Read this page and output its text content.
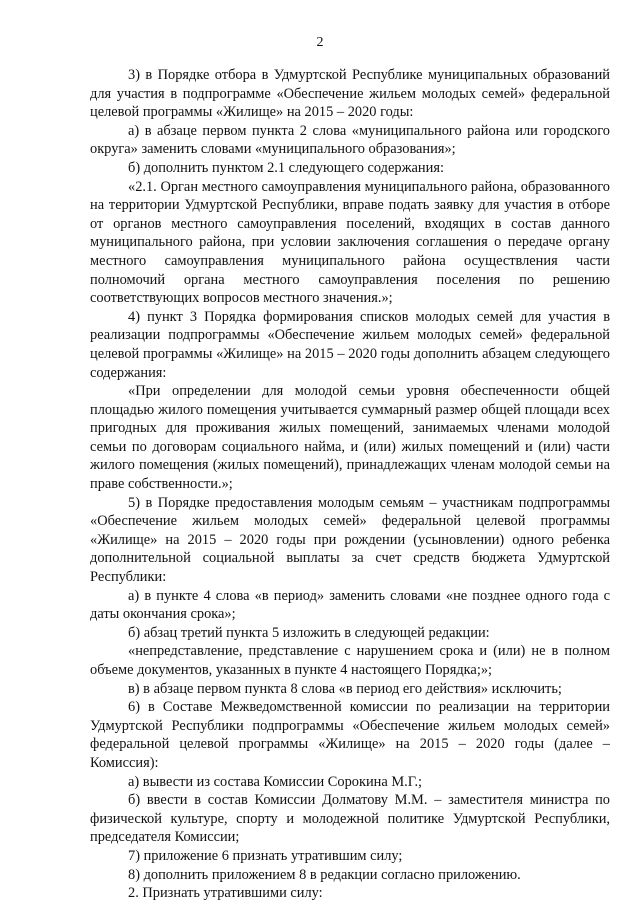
2

3) в Порядке отбора в Удмуртской Республике муниципальных образований для участия в подпрограмме «Обеспечение жильем молодых семей» федеральной целевой программы «Жилище» на 2015 – 2020 годы:

а) в абзаце первом пункта 2 слова «муниципального района или городского округа» заменить словами «муниципального образования»;

б) дополнить пунктом 2.1 следующего содержания:

«2.1. Орган местного самоуправления муниципального района, образованного на территории Удмуртской Республики, вправе подать заявку для участия в отборе от органов местного самоуправления поселений, входящих в состав данного муниципального района, при условии заключения соглашения о передаче органу местного самоуправления муниципального района осуществления части полномочий органа местного самоуправления поселения по решению соответствующих вопросов местного значения.»;

4) пункт 3 Порядка формирования списков молодых семей для участия в реализации подпрограммы «Обеспечение жильем молодых семей» федеральной целевой программы «Жилище» на 2015 – 2020 годы дополнить абзацем следующего содержания:

«При определении для молодой семьи уровня обеспеченности общей площадью жилого помещения учитывается суммарный размер общей площади всех пригодных для проживания жилых помещений, занимаемых членами молодой семьи по договорам социального найма, и (или) жилых помещений и (или) части жилого помещения (жилых помещений), принадлежащих членам молодой семьи на праве собственности.»;

5) в Порядке предоставления молодым семьям – участникам подпрограммы «Обеспечение жильем молодых семей» федеральной целевой программы «Жилище» на 2015 – 2020 годы при рождении (усыновлении) одного ребенка дополнительной социальной выплаты за счет средств бюджета Удмуртской Республики:

а) в пункте 4 слова «в период» заменить словами «не позднее одного года с даты окончания срока»;

б) абзац третий пункта 5 изложить в следующей редакции:

«непредставление, представление с нарушением срока и (или) не в полном объеме документов, указанных в пункте 4 настоящего Порядка;»;

в) в абзаце первом пункта 8 слова «в период его действия» исключить;

6) в Составе Межведомственной комиссии по реализации на территории Удмуртской Республики подпрограммы «Обеспечение жильем молодых семей» федеральной целевой программы «Жилище» на 2015 – 2020 годы (далее – Комиссия):

а) вывести из состава Комиссии Сорокина М.Г.;

б) ввести в состав Комиссии Долматову М.М. – заместителя министра по физической культуре, спорту и молодежной политике Удмуртской Республики, председателя Комиссии;

7) приложение 6 признать утратившим силу;

8) дополнить приложением 8 в редакции согласно приложению.

2. Признать утратившими силу:
